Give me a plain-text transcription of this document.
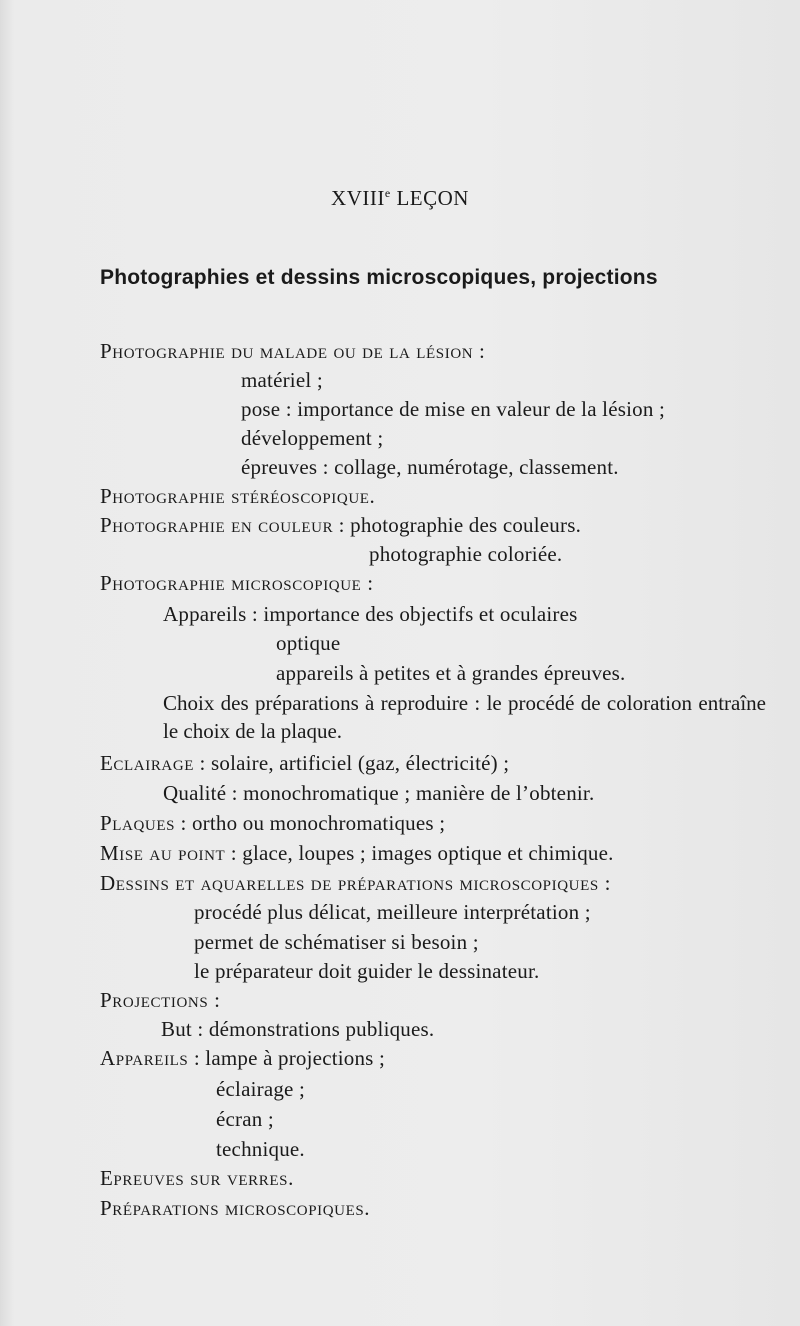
XVIIIe LEÇON
Photographies et dessins microscopiques, projections
Photographie du malade ou de la lésion :
matériel ;
pose : importance de mise en valeur de la lésion ;
développement ;
épreuves : collage, numérotage, classement.
Photographie stéréoscopique.
Photographie en couleur : photographie des couleurs.
photographie coloriée.
Photographie microscopique :
Appareils : importance des objectifs et oculaires
optique
appareils à petites et à grandes épreuves.
Choix des préparations à reproduire : le procédé de coloration entraîne le choix de la plaque.
Eclairage : solaire, artificiel (gaz, électricité) ;
Qualité : monochromatique ; manière de l’obtenir.
Plaques : ortho ou monochromatiques ;
Mise au point : glace, loupes ; images optique et chimique.
Dessins et aquarelles de préparations microscopiques :
procédé plus délicat, meilleure interprétation ;
permet de schématiser si besoin ;
le préparateur doit guider le dessinateur.
Projections :
But : démonstrations publiques.
Appareils : lampe à projections ;
éclairage ;
écran ;
technique.
Epreuves sur verres.
Préparations microscopiques.
